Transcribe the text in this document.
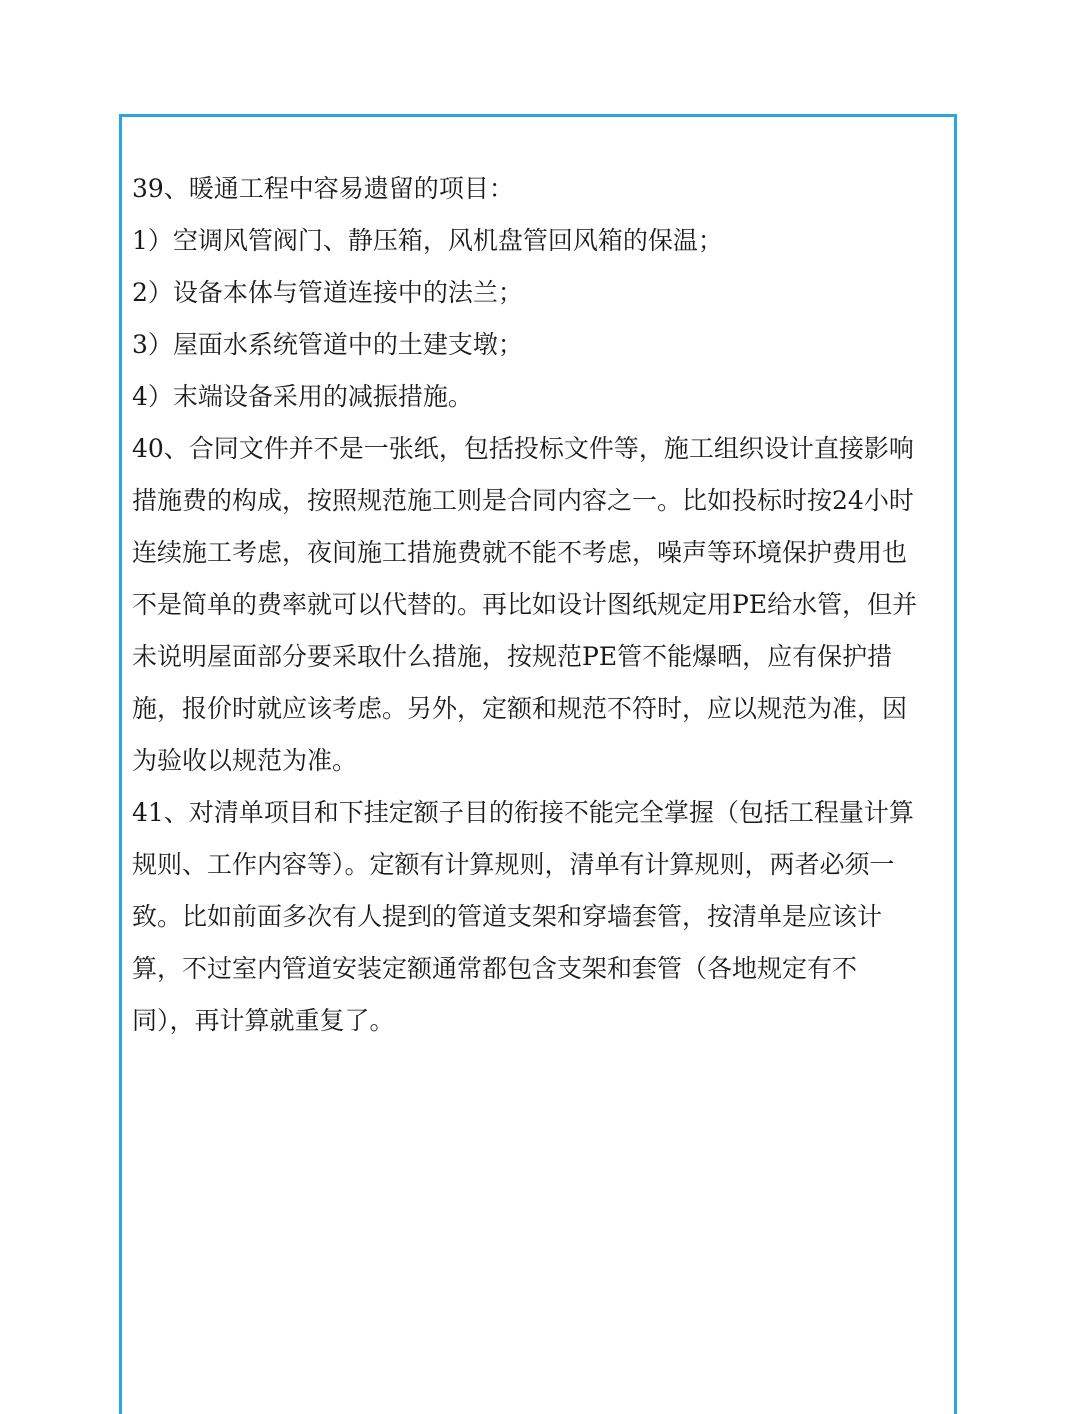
39、暖通工程中容易遗留的项目：
1）空调风管阀门、静压箱，风机盘管回风箱的保温；
2）设备本体与管道连接中的法兰；
3）屋面水系统管道中的土建支墩；
4）末端设备采用的减振措施。
40、合同文件并不是一张纸，包括投标文件等，施工组织设计直接影响
措施费的构成，按照规范施工则是合同内容之一。比如投标时按24小时
连续施工考虑，夜间施工措施费就不能不考虑，噪声等环境保护费用也
不是简单的费率就可以代替的。再比如设计图纸规定用PE给水管，但并
未说明屋面部分要采取什么措施，按规范PE管不能爆晒，应有保护措
施，报价时就应该考虑。另外，定额和规范不符时，应以规范为准，因
为验收以规范为准。
41、对清单项目和下挂定额子目的衔接不能完全掌握（包括工程量计算
规则、工作内容等）。定额有计算规则，清单有计算规则，两者必须一
致。比如前面多次有人提到的管道支架和穿墙套管，按清单是应该计
算，不过室内管道安装定额通常都包含支架和套管（各地规定有不
同），再计算就重复了。
